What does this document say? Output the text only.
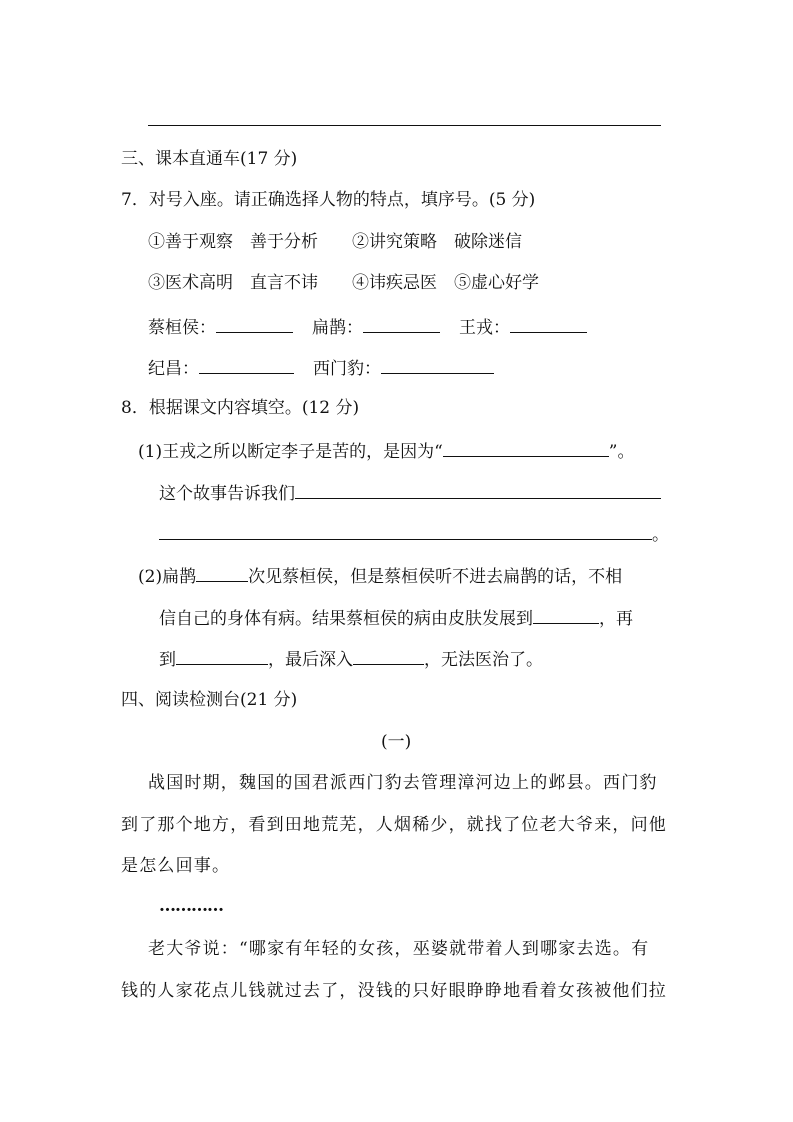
三、课本直通车(17 分)
7．对号入座。请正确选择人物的特点，填序号。(5 分)
①善于观察　善于分析　　②讲究策略　破除迷信
③医术高明　直言不讳　　④讳疾忌医　⑤虚心好学
蔡桓侯：	扁鹊：	王戎：
纪昌：	西门豹：
8．根据课文内容填空。(12 分)
(1)王戎之所以断定李子是苦的，是因为“	”。
这个故事告诉我们
。
(2)扁鹊	次见蔡桓侯，但是蔡桓侯听不进去扁鹊的话，不相
信自己的身体有病。结果蔡桓侯的病由皮肤发展到	，再
到	，最后深入	，无法医治了。
四、阅读检测台(21 分)
(一)
战国时期，魏国的国君派西门豹去管理漳河边上的邺县。西门豹
到了那个地方，看到田地荒芜，人烟稀少，就找了位老大爷来，问他
是怎么回事。
…………
老大爷说：“哪家有年轻的女孩，巫婆就带着人到哪家去选。有
钱的人家花点儿钱就过去了，没钱的只好眼睁睁地看着女孩被他们拉
